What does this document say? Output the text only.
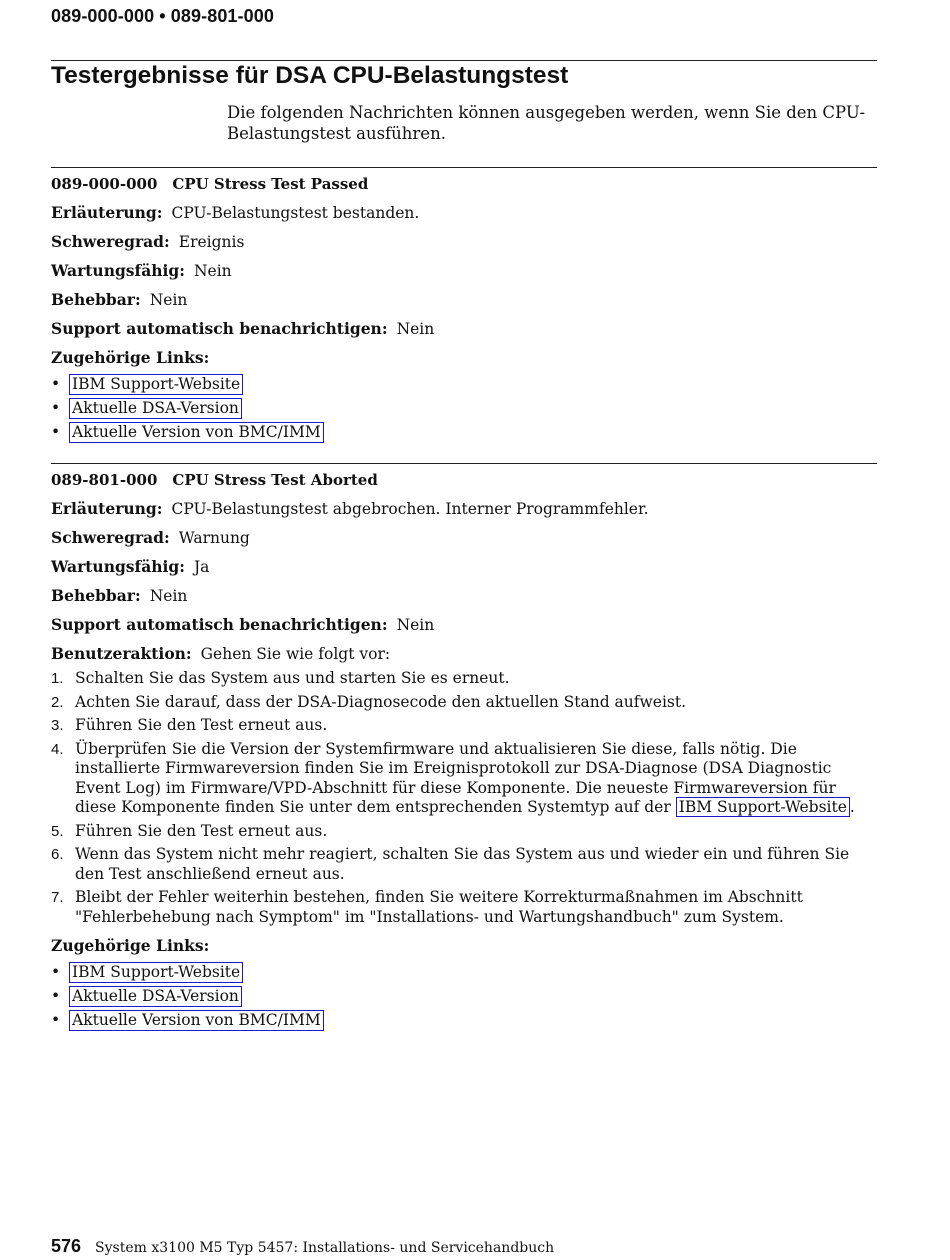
089-000-000 • 089-801-000
Testergebnisse für DSA CPU-Belastungstest

Die folgenden Nachrichten können ausgegeben werden, wenn Sie den CPU-Belastungstest ausführen.

089-000-000 CPU Stress Test Passed

Erläuterung: CPU-Belastungstest bestanden.

Schweregrad: Ereignis

Wartungsfähig: Nein

Behebbar: Nein

Support automatisch benachrichtigen: Nein

Zugehörige Links:

• IBM Support-Website
• Aktuelle DSA-Version
• Aktuelle Version von BMC/IMM

089-801-000 CPU Stress Test Aborted

Erläuterung: CPU-Belastungstest abgebrochen. Interner Programmfehler.

Schweregrad: Warnung

Wartungsfähig: Ja

Behebbar: Nein

Support automatisch benachrichtigen: Nein

Benutzeraktion: Gehen Sie wie folgt vor:

1. Schalten Sie das System aus und starten Sie es erneut.
2. Achten Sie darauf, dass der DSA-Diagnosecode den aktuellen Stand aufweist.
3. Führen Sie den Test erneut aus.
4. Überprüfen Sie die Version der Systemfirmware und aktualisieren Sie diese, falls nötig. Die installierte Firmwareversion finden Sie im Ereignisprotokoll zur DSA-Diagnose (DSA Diagnostic Event Log) im Firmware/VPD-Abschnitt für diese Komponente. Die neueste Firmwareversion für diese Komponente finden Sie unter dem entsprechenden Systemtyp auf der IBM Support-Website .
5. Führen Sie den Test erneut aus.
6. Wenn das System nicht mehr reagiert, schalten Sie das System aus und wieder ein und führen Sie den Test anschließend erneut aus.
7. Bleibt der Fehler weiterhin bestehen, finden Sie weitere Korrekturmaßnahmen im Abschnitt "Fehlerbehebung nach Symptom" im "Installations- und Wartungshandbuch" zum System.

Zugehörige Links:

• IBM Support-Website
• Aktuelle DSA-Version
• Aktuelle Version von BMC/IMM
576 System x3100 M5 Typ 5457: Installations- und Servicehandbuch
